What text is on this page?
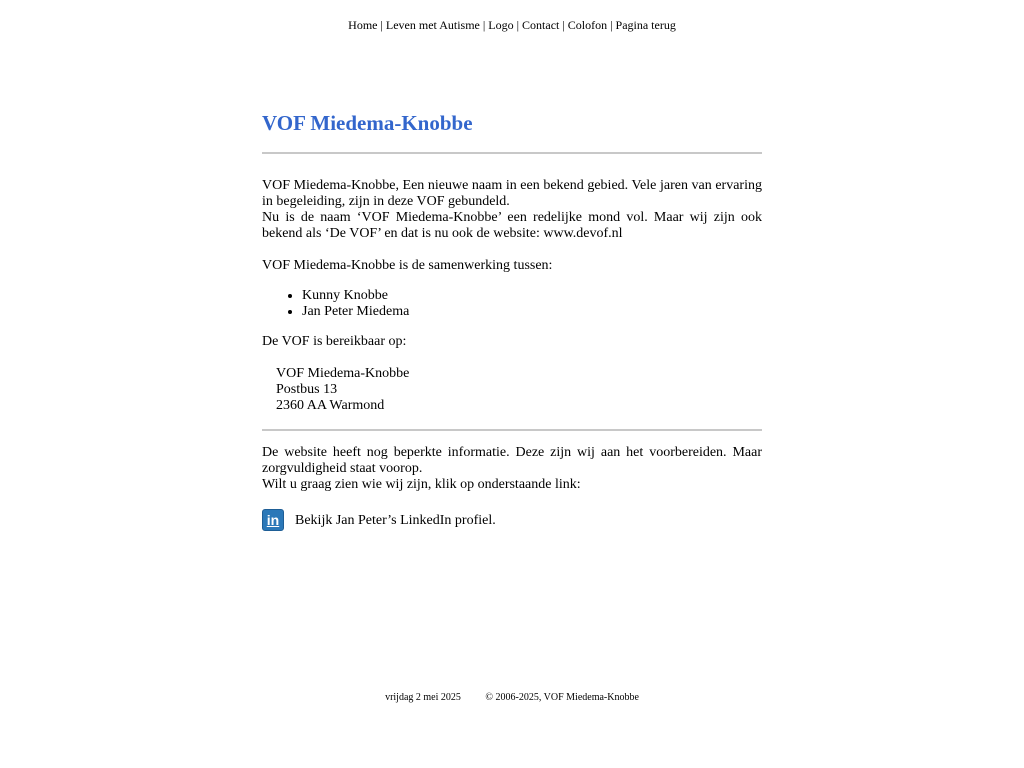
Home | Leven met Autisme | Logo | Contact | Colofon | Pagina terug
VOF Miedema-Knobbe

VOF Miedema-Knobbe, Een nieuwe naam in een bekend gebied. Vele jaren van ervaring in begeleiding, zijn in deze VOF gebundeld.
Nu is de naam ‘VOF Miedema-Knobbe’ een redelijke mond vol. Maar wij zijn ook bekend als ‘De VOF’ en dat is nu ook de website: www.devof.nl

VOF Miedema-Knobbe is de samenwerking tussen:

• Kunny Knobbe
• Jan Peter Miedema

De VOF is bereikbaar op:

VOF Miedema-Knobbe
Postbus 13
2360 AA Warmond

De website heeft nog beperkte informatie. Deze zijn wij aan het voorbereiden. Maar zorgvuldigheid staat voorop.
Wilt u graag zien wie wij zijn, klik op onderstaande link:

in	Bekijk Jan Peter’s LinkedIn profiel.
vrijdag 2 mei 2025 © 2006-2025, VOF Miedema-Knobbe
